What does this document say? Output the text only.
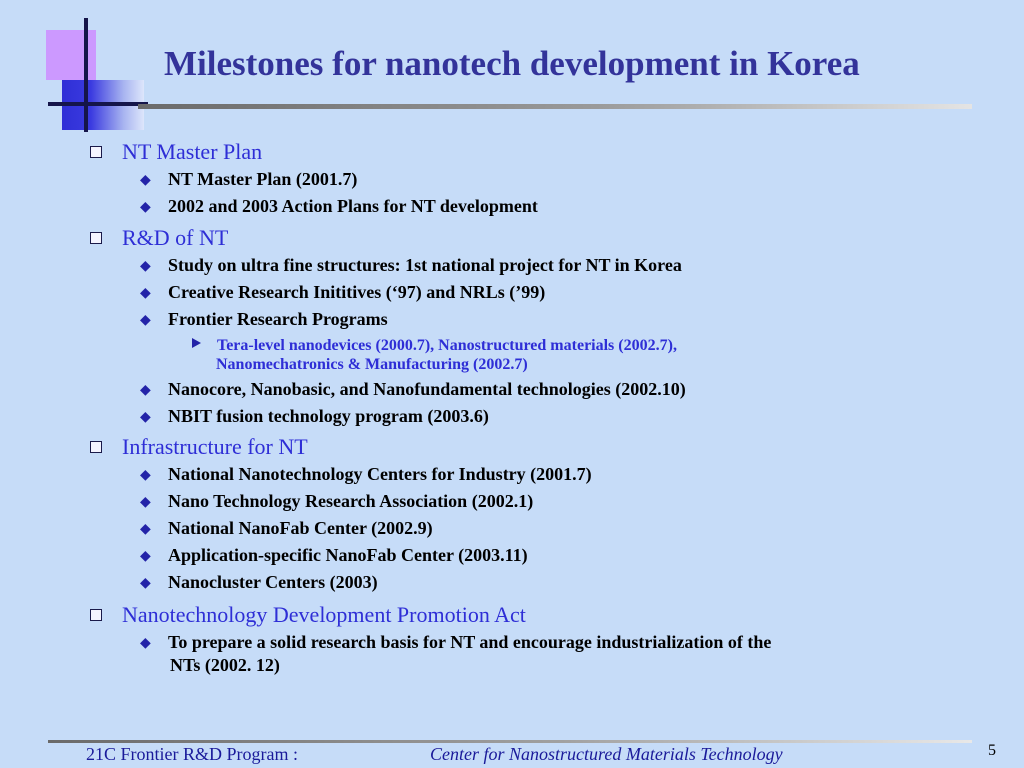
Milestones for nanotech development in Korea
NT Master Plan
◆ NT Master Plan (2001.7)
◆ 2002 and 2003 Action Plans for NT development
R&D of NT
◆ Study on ultra fine structures: 1st national project for NT in Korea
◆ Creative Research Inititives (‘97) and NRLs (’99)
◆ Frontier Research Programs
Tera-level nanodevices (2000.7), Nanostructured materials (2002.7),
Nanomechatronics & Manufacturing (2002.7)
◆ Nanocore, Nanobasic, and Nanofundamental technologies (2002.10)
◆ NBIT fusion technology program (2003.6)
Infrastructure for NT
◆ National Nanotechnology Centers for Industry (2001.7)
◆ Nano Technology Research Association (2002.1)
◆ National NanoFab Center (2002.9)
◆ Application-specific NanoFab Center (2003.11)
◆ Nanocluster Centers (2003)
Nanotechnology Development Promotion Act
◆ To prepare a solid research basis for NT and encourage industrialization of the
NTs (2002. 12)
21C Frontier R&D Program :	Center for Nanostructured Materials Technology	5
